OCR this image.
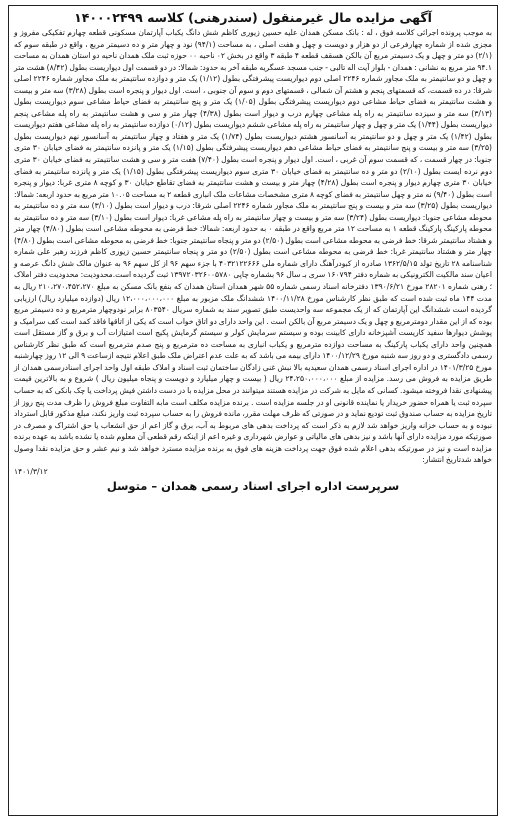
آگهی مزایده مال غیرمنقول (سندرهنی) کلاسه ۱۴۰۰۰۲۴۹۹

به موجب پرونده اجرائی کلاسه فوق ، له : بانک مسکن همدان علیه حسین زیوری کاظم شش دانگ یکباب آپارتمان مسکونی قطعه چهارم تفکیکی مفروز و مجزی شده از شماره چهارفرعی از دو هزار و دویست و چهل و هفت اصلی ، به مساحت (۹۴/۱) نود و چهار متر و ده دسیمتر مربع ، واقع در طبقه سوم که (۲/۱) دو متر و چهل و یک دسیمتر مربع آن بالکن هسقف قطعه ۴ طبقه ۳ واقع در بخش ۰۲ ناحیه ۰۰ حوزه ثبت ملک همدان ناحیه دو استان همدان به مساحت ۹۴.۱ متر مربع به نشانی : همدان - بلوار آیت اله تالبی - جنب مسجد عسگریه طبقه آخر به حدود: شمالا: در دو قسمت اول دیواریست بطول (۸/۴۲) هشت متر و چهل و دو سانتیمتر به ملک مجاور شماره ۲۲۴۶ اصلی دوم دیواریست پیشرفتگی بطول (۱/۱۲) یک متر و دوازده سانتیمتر به ملک مجاور شماره ۲۲۴۶ اصلی شرقا: در ده قسمت، که قسمتهای پنجم و هشتم آن شمالی ، قسمتهای دوم و سوم آن جنوبی ، است. اول دیوار و پنجره است بطول (۳/۲۸) سه متر و بیست و هشت سانتیمتر به فضای حیاط مشاعی دوم دیواریست پیشرفتگی بطول (۱/۰۵) یک متر و پنج سانتیمتر به فضای حیاط مشاعی سوم دیواریست بطول (۳/۱۳) سه متر و سیزده سانتیمتر به راه پله مشاعی چهارم درب و دیوار است بطول (۴/۳۸) چهار متر و سی و هشت سانتیمتر به راه پله مشاعی پنجم دیواریست بطول (۱/۴۴) یک متر و چهل و چهار سانتیمتر به راه پله مشاعی ششم دیواریست بطول (۰/۱۲) دوازده سانتیمتر به راه پله مشاعی هفتم دیواریست بطول (۱/۴۲) یک متر و چهل و دو سانتیمتر به آسانسور هشتم دیواریست بطول (۱/۷۴) یک متر و هفتاد و چهار سانتیمتر به آسانسور نهم دیواریست بطول (۳/۲۵) سه متر و بیست و پنج سانتیمتر به فضای حیاط مشاعی دهم دیواریست پیشرفتگی بطول (۱/۱۵) یک متر و پانزده سانتیمتر به فضای خیابان ۳۰ متری جنوبا: در چهار قسمت ، که قسمت سوم آن غربی ، است. اول دیوار و پنجره است بطول (۷/۴۰) هفت متر و سی و هشت سانتیمتر به فضای خیابان ۳۰ متری دوم نرده ایست بطول (۲/۱۰) دو متر و ده سانتیمتر به فضای خیابان ۳۰ متری سوم دیواریست پیشرفتگی بطول (۱/۱۵) یک متر و پانزده سانتیمتر به فضای خیابان ۳۰ متری چهارم دیوار و پنجره است بطول (۴/۲۸) چهار متر و بیست و هشت سانتیمتر به فضای تقاطع خیابان ۳۰ و کوچه ۸ متری غربا: دیوار و پنجره است بطول (۹/۴۰) نه متر و چهل سانتیمتر به فضای کوچه ۸ متری مشخصات مشاعات ملک انباری قطعه ۲ به مساحت ۱۰.۰۵ متر مربع به حدود اربعه: شمالا: دیواریست بطول (۳/۲۵) سه متر و بیست و پنج سانتیمتر به ملک مجاور شماره ۲۲۴۶ اصلی شرقا: درب و دیوار است بطول (۳/۱۰) سه متر و ده سانتیمتر به محوطه مشاعی جنوبا: دیواریست بطول (۳/۲۴) سه متر و بیست و چهار سانتیمتر به راه پله مشاعی غربا: دیوار است بطول (۳/۱۰) سه متر و ده سانتیمتر به محوطه پارکینگ پارکینگ قطعه ۱ به مساحت ۱۲ متر مربع واقع در طبقه ۰ به حدود اربعه: شمالا: خط فرضی به محوطه مشاعی است بطول (۴/۸۰) چهار متر و هشتاد سانتیمتر شرقا: خط فرضی به محوطه مشاعی است بطول (۲/۵۰) دو متر و پنجاه سانتیمتر جنوبا: خط فرضی به محوطه مشاعی است بطول (۴/۸۰) چهار متر و هشتاد سانتیمتر غربا: خط فرضی به محوطه مشاعی است بطول (۲/۵۰) دو متر و پنجاه سانتیمتر حسین زیوری کاظم فرزند رهبر علی شماره شناسنامه ۲۸ تاریخ تولد ۱۳۶۲/۵/۱۵ صادره از کبودرآهنگ دارای شماره ملی ۴۰۳۲۱۲۲۶۶۶ با جزء سهم ۹۶ از کل سهم ۹۶ به عنوان مالک شش دانگ عرصه و اعیان سند مالکیت الکترونیکی به شماره دفتر ۱۶۰۷۹۴ سری بـ سال ۹۶ بشماره چاپی ۱۳۹۷۲۰۳۲۶۰۰۵۷۸۰ ثبت گردیده است.محدودیت: محدودیت دفتر املاک ؛ رهنی شماره ۲۸۲۰۱ مورخ ۱۳۹۰/۶/۲۱ دفترخانه اسناد رسمی شماره ۵۵ شهر همدان استان همدان که بنفع بانک مسکن به مبلغ ۲۱۰،۲۷۰،۴۵۲،۲۷۰ ریال به مدت ۱۴۴ ماه ثبت شده است که طبق نظر کارشناس مورخ ۱۴۰۰/۱۱/۲۸ ششدانگ ملک مزبور به مبلغ ۱۲،۰۰۰،۰۰۰،۰۰۰ ریال (دوازده میلیارد ریال) ارزیابی گردیده است ششدانگ این آپارتمان که از یک مجموعه سه واحدیست طبق تصویر سند به شماره سریال ۸۰۳۵۴۰ برابر نودوچهار مترمربع و ده دسیمتر مربع بوده که از این مقدار دومترمربع و چهل و یک دسیمتر مربع آن بالکن است . این واحد دارای دو اتاق خواب است که یکی از اتاقها فاقد کمد است کف سرامیک و پوشش دیوارها سفید کاریست آشپزخانه دارای کابینت بوده و سیستم سرمایش کولر و سیستم گرمایش پکیج است امتیازات آب و برق و گاز مستقل است همچنین واحد دارای یکباب پارکینگ به مساحت دوازده مترمربع و یکباب انباری به مساحت ده مترمربع و پنج صدم مترمربع است که طبق نظر کارشناس رسمی دادگستری و دو روز سه شنبه مورخ ۱۴۰۰/۱۲/۲۹ دارای بیمه می باشد که به علت عدم اعتراض ملک طبق اعلام نتیجه ازساعت ۹ الی ۱۲ روز چهارشنبه مورخ ۱۴۰۱/۳/۲۵ در اداره اجرای اسناد رسمی همدان سعیدیه بالا نبش غنی زادگان ساختمان ثبت اسناد و املاک طبقه اول واحد اجرای اسنادرسمی همدان از طریق مزایده به فروش می رسد. مزایده از مبلغ ۲۴،۲۵۰،۰۰۰،۰۰۰ ریال ( بیست و چهار میلیارد و دویست و پنجاه میلیون ریال ) شروع و به بالاترین قیمت پیشنهادی نقدا فروخته میشود. کسانی که مایل به شرکت در مزایده هستند میتوانند در محل مزایده با در دست داشتن فیش پرداخت یا چک بانکی که به حساب سپرده ثبت یا همراه حضور خریدار یا نماینده قانونی او در جلسه مزایده است . برنده مزایده مکلف است مابه التفاوت مبلغ فروش را ظرف مدت پنج روز از تاریخ مزایده به حساب صندوق ثبت تودیع نماید و در صورتی که ظرف مهلت مقرر، مانده فروش را به حساب سپرده ثبت واریز نکند، مبلغ مذکور قابل استرداد نبوده و به حساب خزانه واریز خواهد شد لازم به ذکر است که پرداخت بدهی های مربوط به آب، برق و گاز اعم از حق انشعاب یا حق اشتراک و مصرف در صورتیکه مورد مزایده دارای آنها باشد و نیز بدهی های مالیاتی و عوارض شهرداری و غیره اعم از اینکه رقم قطعی آن معلوم شده یا نشده باشد به عهده برنده مزایده است و نیز در صورتیکه بدهی اعلام شده فوق جهت پرداخت هزینه های فوق به برنده مزایده مسترد خواهد شد و نیم عشر و حق مزایده نقدا وصول خواهد شدتاریخ انتشار:

۱۴۰۱/۳/۱۲

سرپرست اداره اجرای اسناد رسمی همدان – متوسل
